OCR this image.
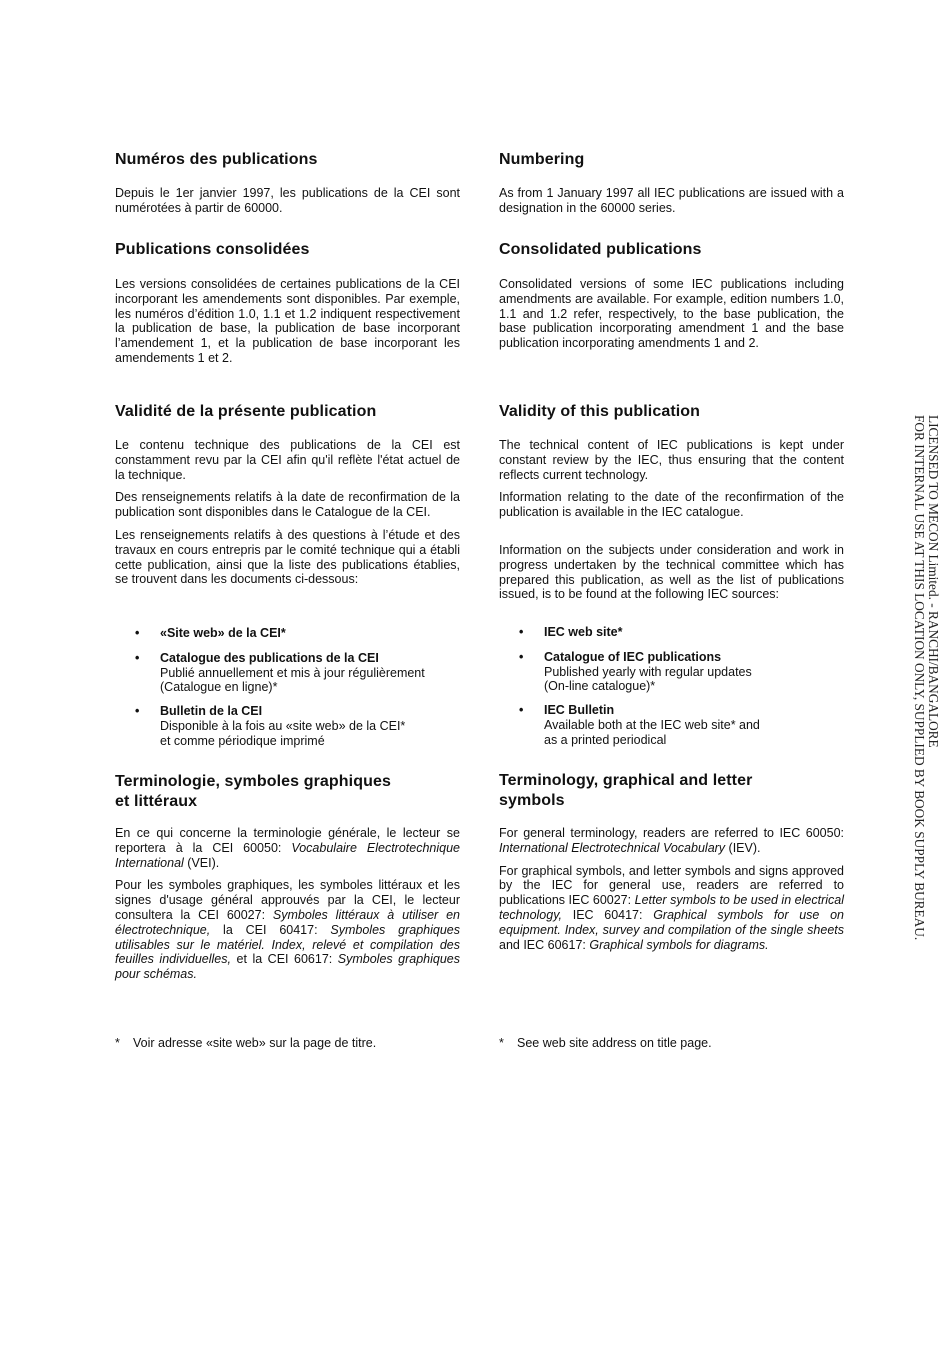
Numéros des publications

Depuis le 1er janvier 1997, les publications de la CEI sont numérotées à partir de 60000.

Publications consolidées

Les versions consolidées de certaines publications de la CEI incorporant les amendements sont disponibles. Par exemple, les numéros d’édition 1.0, 1.1 et 1.2 indiquent respectivement la publication de base, la publication de base incorporant l’amendement 1, et la publication de base incorporant les amendements 1 et 2.

Validité de la présente publication

Le contenu technique des publications de la CEI est constamment revu par la CEI afin qu'il reflète l'état actuel de la technique.

Des renseignements relatifs à la date de reconfirmation de la publication sont disponibles dans le Catalogue de la CEI.

Les renseignements relatifs à des questions à l’étude et des travaux en cours entrepris par le comité technique qui a établi cette publication, ainsi que la liste des publications établies, se trouvent dans les documents ci-dessous:

• «Site web» de la CEI*
• Catalogue des publications de la CEI
Publié annuellement et mis à jour régulièrement
(Catalogue en ligne)*
• Bulletin de la CEI
Disponible à la fois au «site web» de la CEI*
et comme périodique imprimé
Terminologie, symboles graphiques
et littéraux

En ce qui concerne la terminologie générale, le lecteur se reportera à la CEI 60050: Vocabulaire Electrotechnique International (VEI).

Pour les symboles graphiques, les symboles littéraux et les signes d'usage général approuvés par la CEI, le lecteur consultera la CEI 60027: Symboles littéraux à utiliser en électrotechnique, la CEI 60417: Symboles graphiques utilisables sur le matériel. Index, relevé et compilation des feuilles individuelles, et la CEI 60617: Symboles graphiques pour schémas.

* Voir adresse «site web» sur la page de titre.
Numbering

As from 1 January 1997 all IEC publications are issued with a designation in the 60000 series.

Consolidated publications

Consolidated versions of some IEC publications including amendments are available. For example, edition numbers 1.0, 1.1 and 1.2 refer, respectively, to the base publication, the base publication incorporating amendment 1 and the base publication incorporating amendments 1 and 2.

Validity of this publication

The technical content of IEC publications is kept under constant review by the IEC, thus ensuring that the content reflects current technology.

Information relating to the date of the reconfirmation of the publication is available in the IEC catalogue.

Information on the subjects under consideration and work in progress undertaken by the technical committee which has prepared this publication, as well as the list of publications issued, is to be found at the following IEC sources:

• IEC web site*
• Catalogue of IEC publications
Published yearly with regular updates
(On-line catalogue)*
• IEC Bulletin
Available both at the IEC web site* and
as a printed periodical
Terminology, graphical and letter
symbols

For general terminology, readers are referred to IEC 60050: International Electrotechnical Vocabulary (IEV).

For graphical symbols, and letter symbols and signs approved by the IEC for general use, readers are referred to publications IEC 60027: Letter symbols to be used in electrical technology, IEC 60417: Graphical symbols for use on equipment. Index, survey and compilation of the single sheets and IEC 60617: Graphical symbols for diagrams.

* See web site address on title page.
LICENSED TO MECON Limited. - RANCHI/BANGALORE
FOR INTERNAL USE AT THIS LOCATION ONLY, SUPPLIED BY BOOK SUPPLY BUREAU.
